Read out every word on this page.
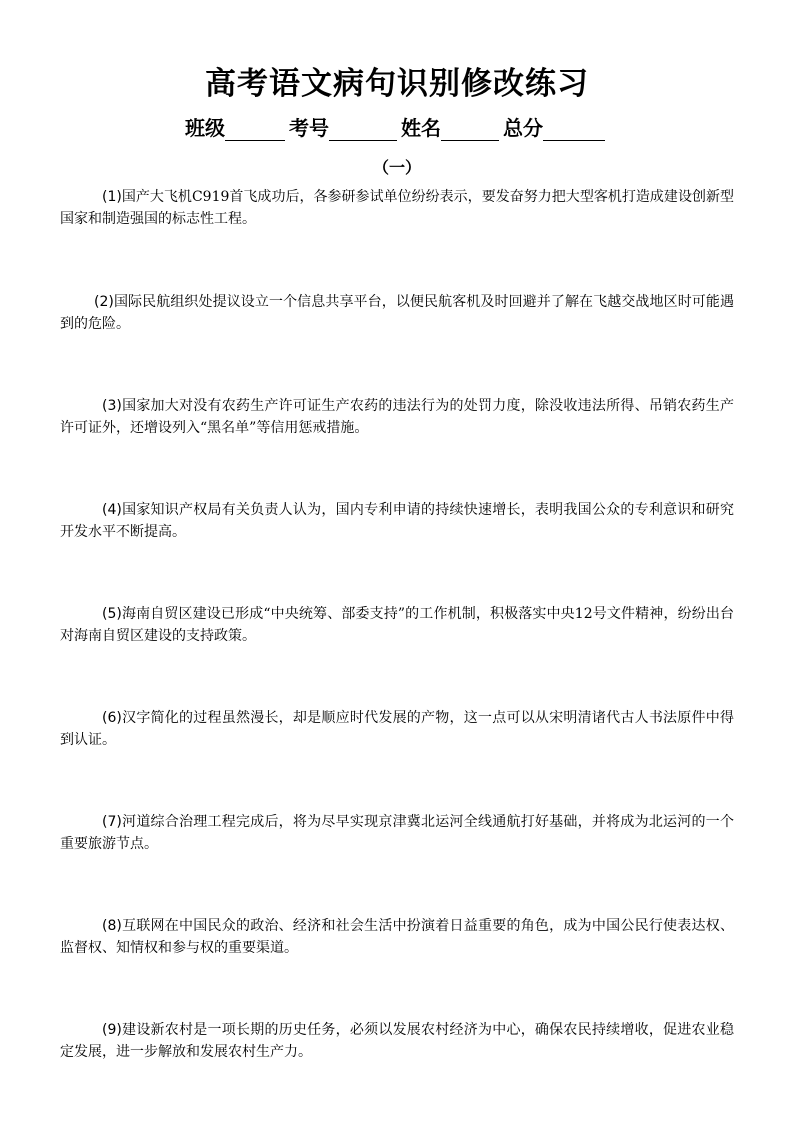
高考语文病句识别修改练习
班级	考号	姓名	总分
（一）
(1)国产大飞机C919首飞成功后，各参研参试单位纷纷表示，要发奋努力把大型客机打造成建设创新型国家和制造强国的标志性工程。
(2)国际民航组织处提议设立一个信息共享平台，以便民航客机及时回避并了解在飞越交战地区时可能遇到的危险。
(3)国家加大对没有农药生产许可证生产农药的违法行为的处罚力度，除没收违法所得、吊销农药生产许可证外，还增设列入“黑名单”等信用惩戒措施。
(4)国家知识产权局有关负责人认为，国内专利申请的持续快速增长，表明我国公众的专利意识和研究开发水平不断提高。
(5)海南自贸区建设已形成“中央统筹、部委支持”的工作机制，积极落实中央12号文件精神，纷纷出台对海南自贸区建设的支持政策。
(6)汉字简化的过程虽然漫长，却是顺应时代发展的产物，这一点可以从宋明清诸代古人书法原件中得到认证。
(7)河道综合治理工程完成后，将为尽早实现京津冀北运河全线通航打好基础，并将成为北运河的一个重要旅游节点。
(8)互联网在中国民众的政治、经济和社会生活中扮演着日益重要的角色，成为中国公民行使表达权、监督权、知情权和参与权的重要渠道。
(9)建设新农村是一项长期的历史任务，必须以发展农村经济为中心，确保农民持续增收，促进农业稳定发展，进一步解放和发展农村生产力。
